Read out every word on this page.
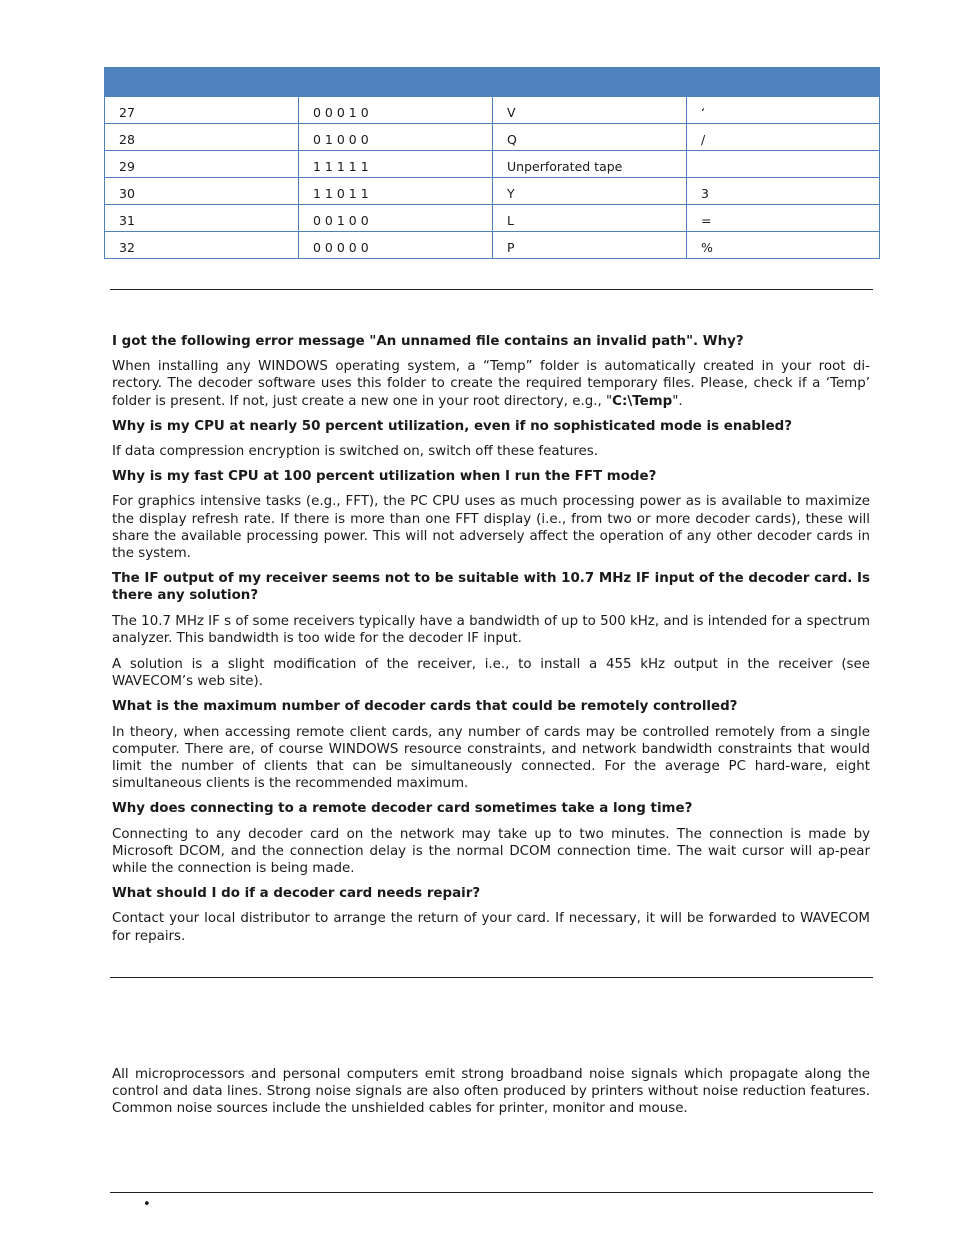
27	0 0 0 1 0	V	‘
28	0 1 0 0 0	Q	/
29	1 1 1 1 1	Unperforated tape	
30	1 1 0 1 1	Y	3
31	0 0 1 0 0	L	=
32	0 0 0 0 0	P	%

I got the following error message "An unnamed file contains an invalid path". Why?

When installing any WINDOWS operating system, a “Temp” folder is automatically created in your root di-rectory. The decoder software uses this folder to create the required temporary files. Please, check if a ‘Temp’ folder is present. If not, just create a new one in your root directory, e.g., "C:\Temp".

Why is my CPU at nearly 50 percent utilization, even if no sophisticated mode is enabled?

If data compression encryption is switched on, switch off these features.

Why is my fast CPU at 100 percent utilization when I run the FFT mode?

For graphics intensive tasks (e.g., FFT), the PC CPU uses as much processing power as is available to maximize the display refresh rate. If there is more than one FFT display (i.e., from two or more decoder cards), these will share the available processing power. This will not adversely affect the operation of any other decoder cards in the system.

The IF output of my receiver seems not to be suitable with 10.7 MHz IF input of the decoder card. Is there any solution?

The 10.7 MHz IF s of some receivers typically have a bandwidth of up to 500 kHz, and is intended for a spectrum analyzer. This bandwidth is too wide for the decoder IF input.

A solution is a slight modification of the receiver, i.e., to install a 455 kHz output in the receiver (see WAVECOM’s web site).

What is the maximum number of decoder cards that could be remotely controlled?

In theory, when accessing remote client cards, any number of cards may be controlled remotely from a single computer. There are, of course WINDOWS resource constraints, and network bandwidth constraints that would limit the number of clients that can be simultaneously connected. For the average PC hard-ware, eight simultaneous clients is the recommended maximum.

Why does connecting to a remote decoder card sometimes take a long time?

Connecting to any decoder card on the network may take up to two minutes. The connection is made by Microsoft DCOM, and the connection delay is the normal DCOM connection time. The wait cursor will ap-pear while the connection is being made.

What should I do if a decoder card needs repair?

Contact your local distributor to arrange the return of your card. If necessary, it will be forwarded to WAVECOM for repairs.

All microprocessors and personal computers emit strong broadband noise signals which propagate along the control and data lines. Strong noise signals are also often produced by printers without noise reduction features. Common noise sources include the unshielded cables for printer, monitor and mouse.

•
